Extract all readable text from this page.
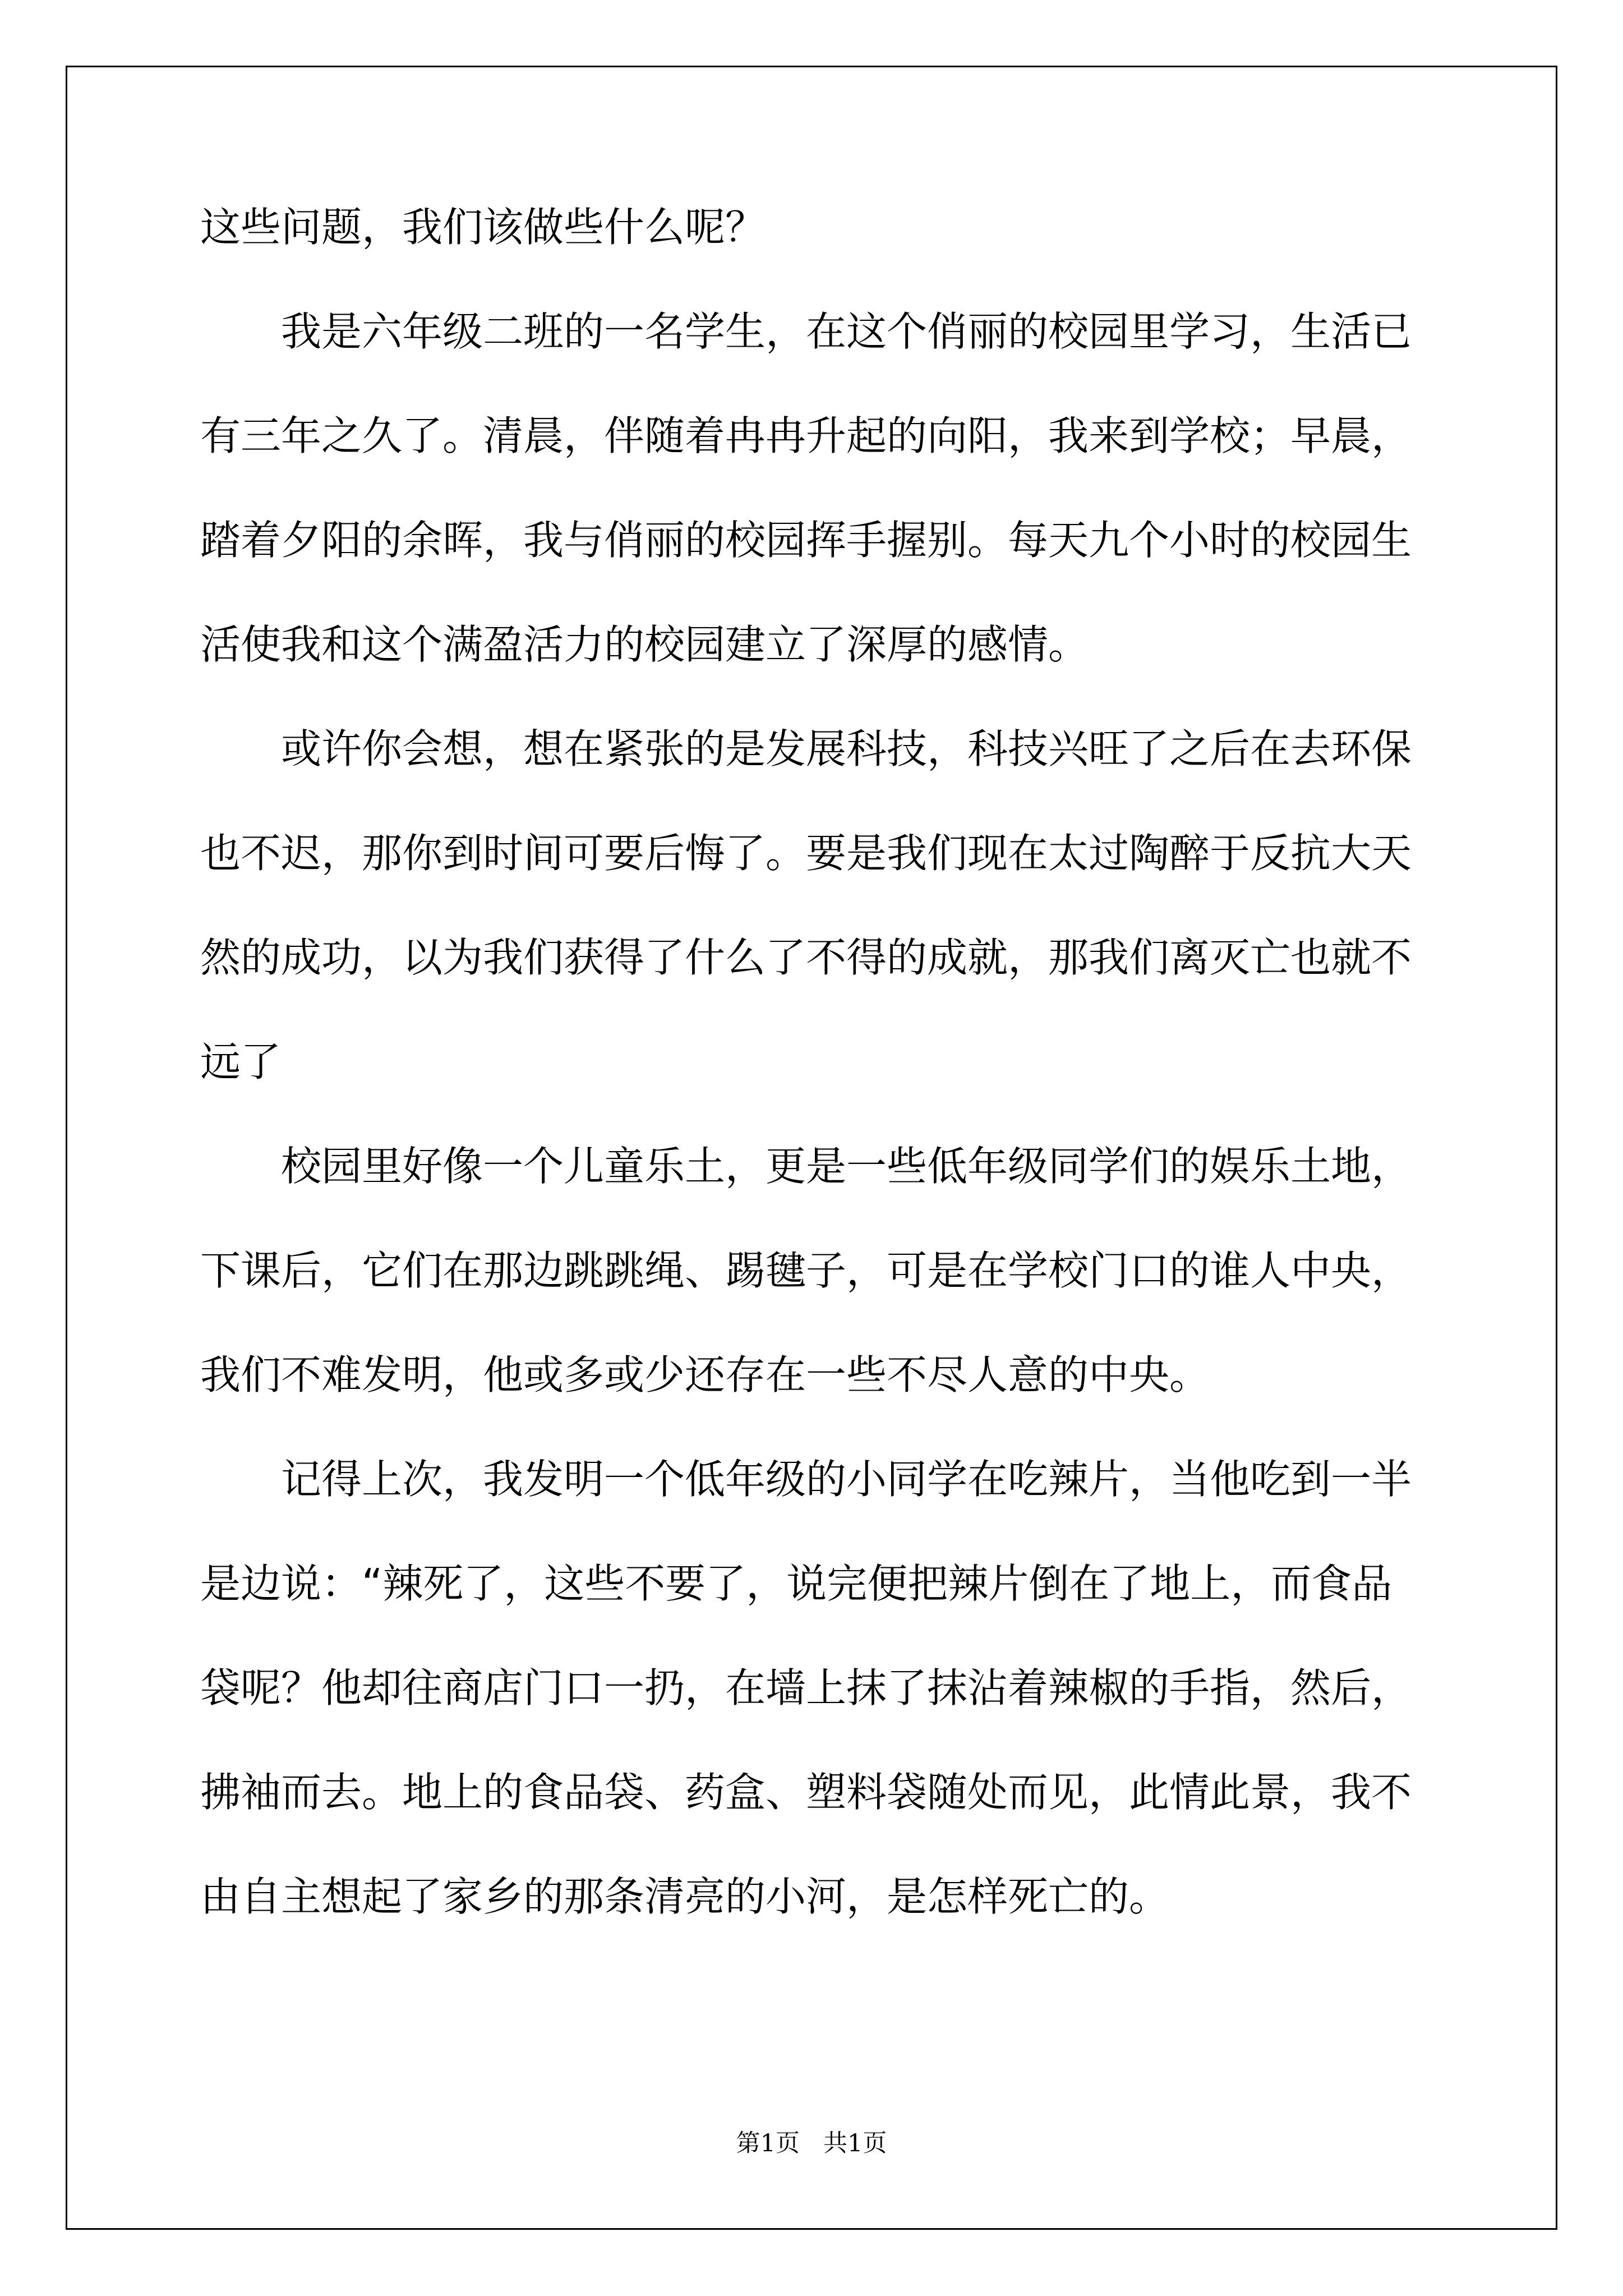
这些问题，我们该做些什么呢？
　　我是六年级二班的一名学生，在这个俏丽的校园里学习，生活已
有三年之久了。清晨，伴随着冉冉升起的向阳，我来到学校；早晨，
踏着夕阳的余晖，我与俏丽的校园挥手握别。每天九个小时的校园生
活使我和这个满盈活力的校园建立了深厚的感情。
　　或许你会想，想在紧张的是发展科技，科技兴旺了之后在去环保
也不迟，那你到时间可要后悔了。要是我们现在太过陶醉于反抗大天
然的成功，以为我们获得了什么了不得的成就，那我们离灭亡也就不
远了
　　校园里好像一个儿童乐土，更是一些低年级同学们的娱乐土地，
下课后，它们在那边跳跳绳、踢毽子，可是在学校门口的谁人中央，
我们不难发明，他或多或少还存在一些不尽人意的中央。
　　记得上次，我发明一个低年级的小同学在吃辣片，当他吃到一半
是边说：“辣死了，这些不要了，说完便把辣片倒在了地上，而食品
袋呢？他却往商店门口一扔，在墙上抹了抹沾着辣椒的手指，然后，
拂袖而去。地上的食品袋、药盒、塑料袋随处而见，此情此景，我不
由自主想起了家乡的那条清亮的小河，是怎样死亡的。
第1页 共1页
